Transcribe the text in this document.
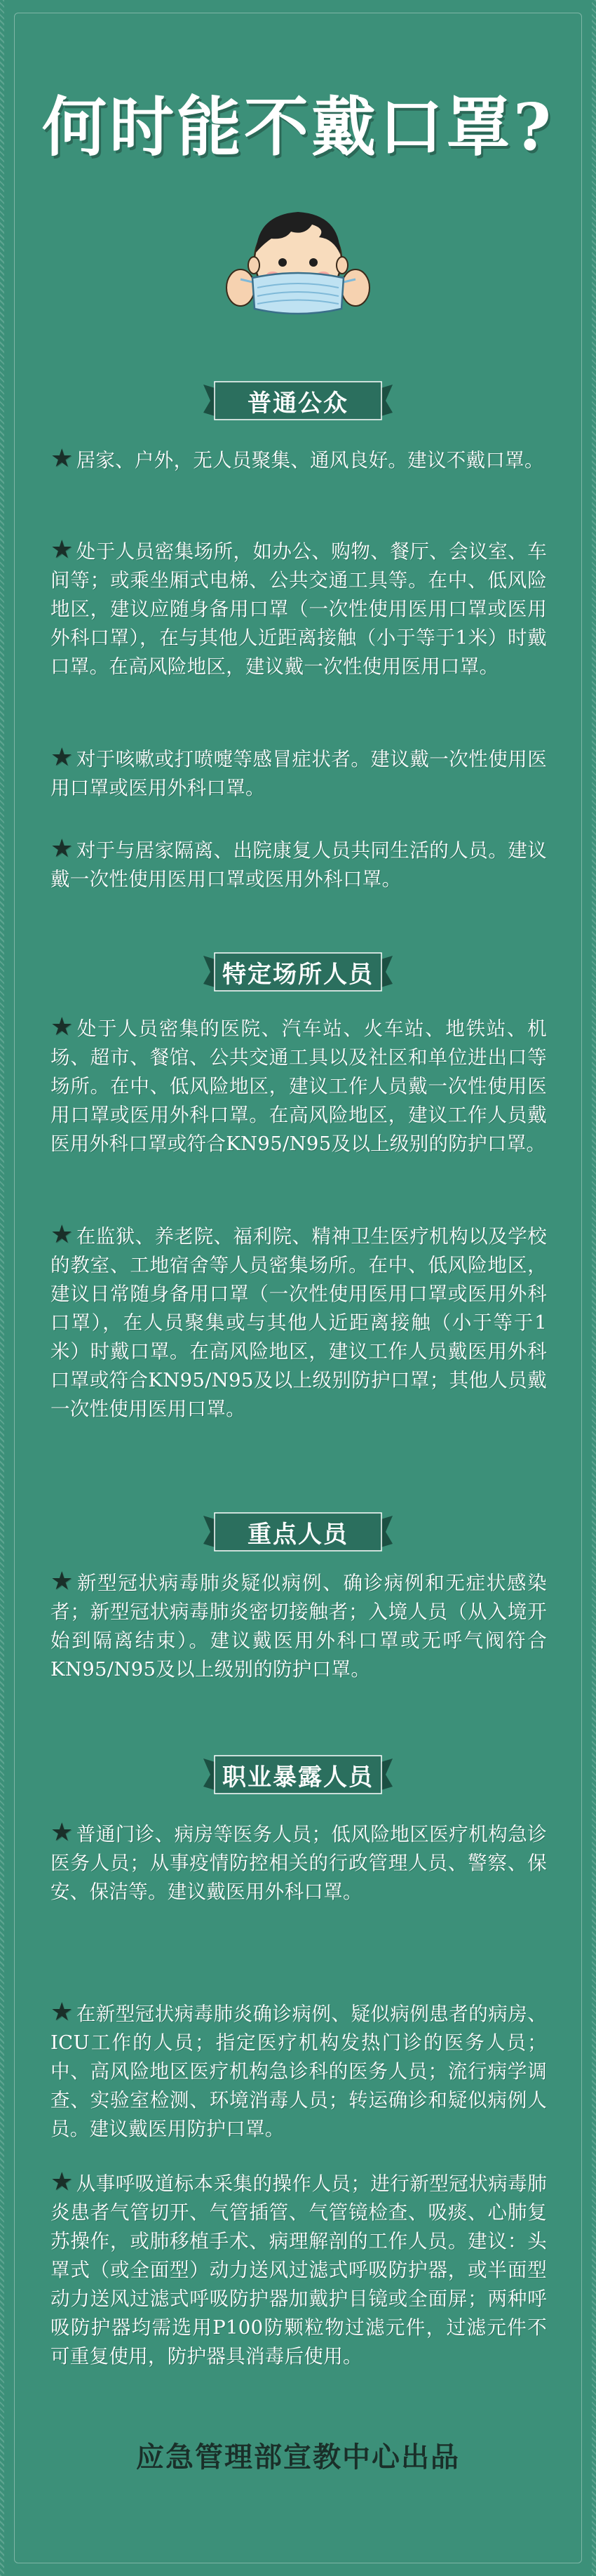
何时能不戴口罩?
普通公众
★ 居家、户外，无人员聚集、通风良好。建议不戴口罩。
★ 处于人员密集场所，如办公、购物、餐厅、会议室、车间等；或乘坐厢式电梯、公共交通工具等。在中、低风险地区，建议应随身备用口罩（一次性使用医用口罩或医用外科口罩），在与其他人近距离接触（小于等于1米）时戴口罩。在高风险地区，建议戴一次性使用医用口罩。
★ 对于咳嗽或打喷嚏等感冒症状者。建议戴一次性使用医用口罩或医用外科口罩。
★ 对于与居家隔离、出院康复人员共同生活的人员。建议戴一次性使用医用口罩或医用外科口罩。
特定场所人员
★ 处于人员密集的医院、汽车站、火车站、地铁站、机场、超市、餐馆、公共交通工具以及社区和单位进出口等场所。在中、低风险地区，建议工作人员戴一次性使用医用口罩或医用外科口罩。在高风险地区，建议工作人员戴医用外科口罩或符合KN95/N95及以上级别的防护口罩。
★ 在监狱、养老院、福利院、精神卫生医疗机构以及学校的教室、工地宿舍等人员密集场所。在中、低风险地区，建议日常随身备用口罩（一次性使用医用口罩或医用外科口罩），在人员聚集或与其他人近距离接触（小于等于1米）时戴口罩。在高风险地区，建议工作人员戴医用外科口罩或符合KN95/N95及以上级别防护口罩；其他人员戴一次性使用医用口罩。
重点人员
★ 新型冠状病毒肺炎疑似病例、确诊病例和无症状感染者；新型冠状病毒肺炎密切接触者；入境人员（从入境开始到隔离结束）。建议戴医用外科口罩或无呼气阀符合KN95/N95及以上级别的防护口罩。
职业暴露人员
★ 普通门诊、病房等医务人员；低风险地区医疗机构急诊医务人员；从事疫情防控相关的行政管理人员、警察、保安、保洁等。建议戴医用外科口罩。
★ 在新型冠状病毒肺炎确诊病例、疑似病例患者的病房、ICU工作的人员；指定医疗机构发热门诊的医务人员；中、高风险地区医疗机构急诊科的医务人员；流行病学调查、实验室检测、环境消毒人员；转运确诊和疑似病例人员。建议戴医用防护口罩。
★ 从事呼吸道标本采集的操作人员；进行新型冠状病毒肺炎患者气管切开、气管插管、气管镜检查、吸痰、心肺复苏操作，或肺移植手术、病理解剖的工作人员。建议：头罩式（或全面型）动力送风过滤式呼吸防护器，或半面型动力送风过滤式呼吸防护器加戴护目镜或全面屏；两种呼吸防护器均需选用P100防颗粒物过滤元件，过滤元件不可重复使用，防护器具消毒后使用。
应急管理部宣教中心出品
